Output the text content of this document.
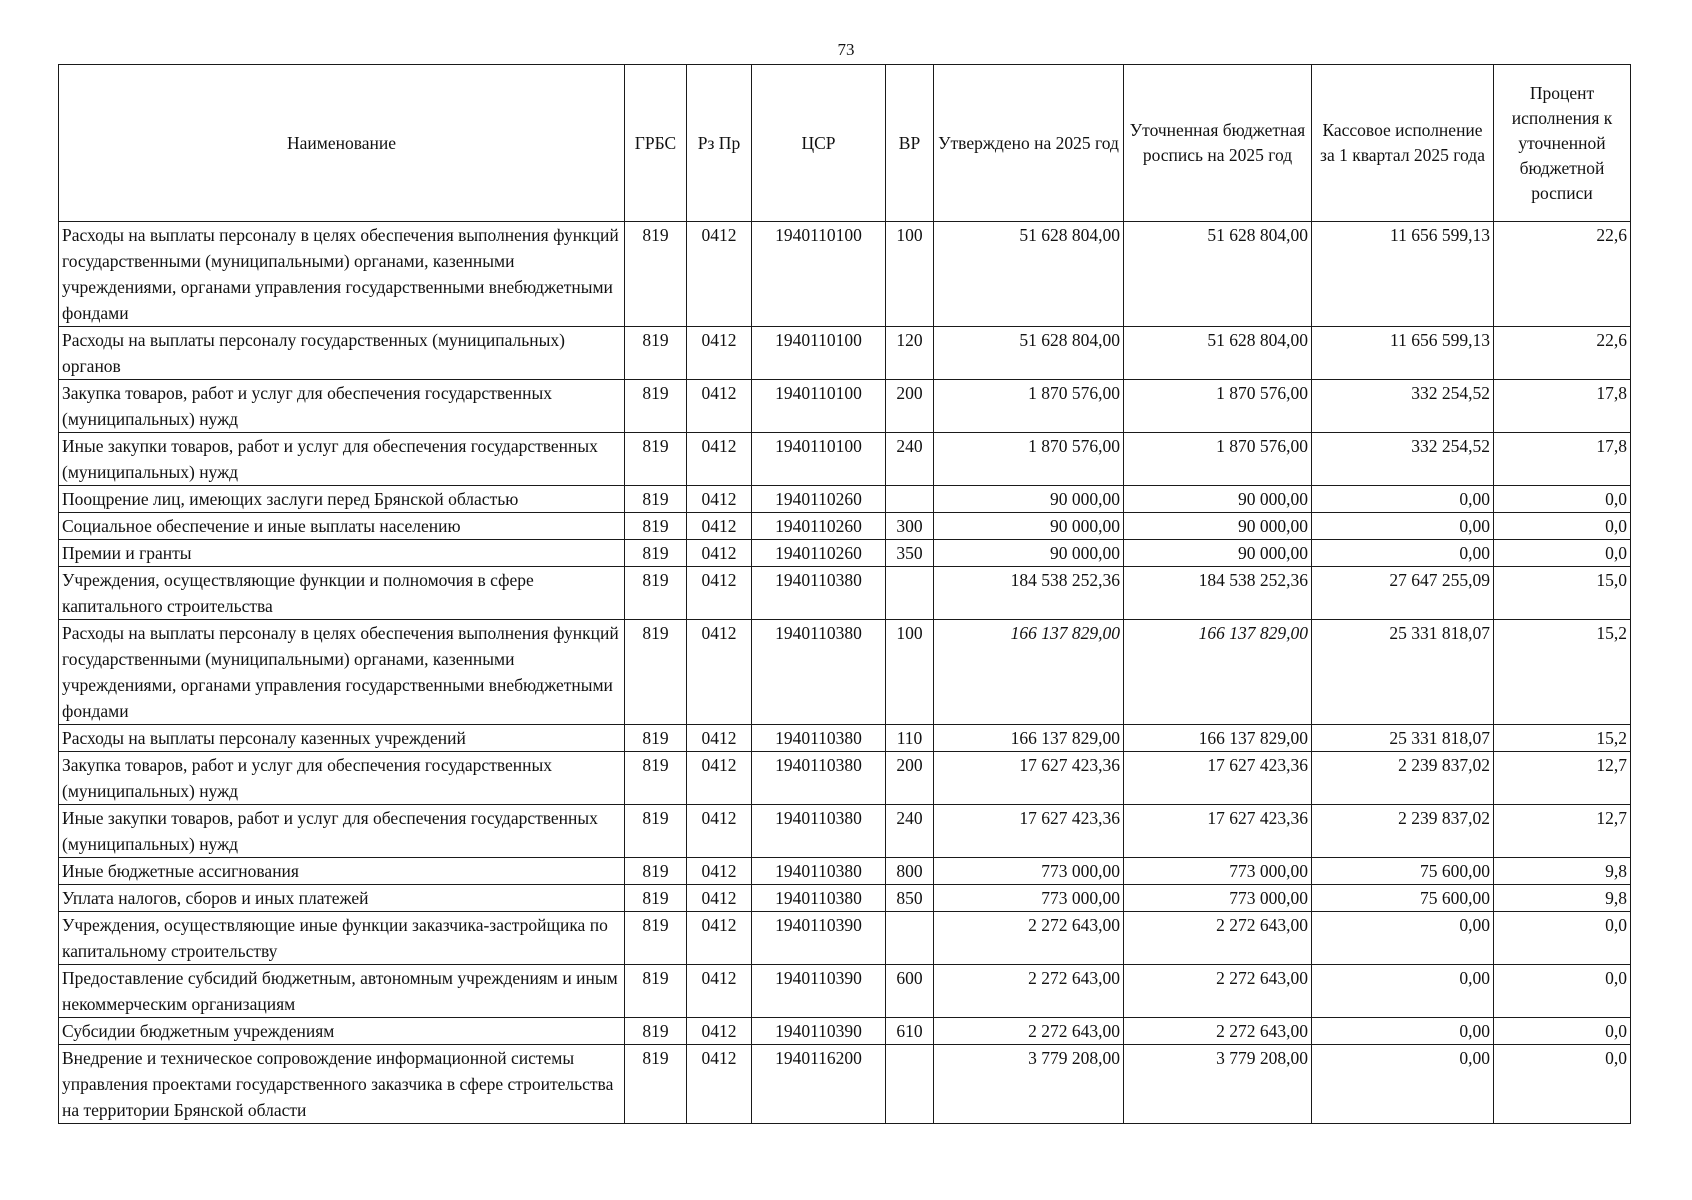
73
Наименование	ГРБС	Рз Пр	ЦСР	ВР	Утверждено на 2025 год	Уточненная бюджетная роспись на 2025 год	Кассовое исполнение за 1 квартал 2025 года	Процент исполнения к уточненной бюджетной росписи
Расходы на выплаты персоналу в целях обеспечения выполнения функций государственными (муниципальными) органами, казенными учреждениями, органами управления государственными внебюджетными фондами	819	0412	1940110100	100	51 628 804,00	51 628 804,00	11 656 599,13	22,6
Расходы на выплаты персоналу государственных (муниципальных) органов	819	0412	1940110100	120	51 628 804,00	51 628 804,00	11 656 599,13	22,6
Закупка товаров, работ и услуг для обеспечения государственных (муниципальных) нужд	819	0412	1940110100	200	1 870 576,00	1 870 576,00	332 254,52	17,8
Иные закупки товаров, работ и услуг для обеспечения государственных (муниципальных) нужд	819	0412	1940110100	240	1 870 576,00	1 870 576,00	332 254,52	17,8
Поощрение лиц, имеющих заслуги перед Брянской областью	819	0412	1940110260		90 000,00	90 000,00	0,00	0,0
Социальное обеспечение и иные выплаты населению	819	0412	1940110260	300	90 000,00	90 000,00	0,00	0,0
Премии и гранты	819	0412	1940110260	350	90 000,00	90 000,00	0,00	0,0
Учреждения, осуществляющие функции и полномочия в сфере капитального строительства	819	0412	1940110380		184 538 252,36	184 538 252,36	27 647 255,09	15,0
Расходы на выплаты персоналу в целях обеспечения выполнения функций государственными (муниципальными) органами, казенными учреждениями, органами управления государственными внебюджетными фондами	819	0412	1940110380	100	166 137 829,00	166 137 829,00	25 331 818,07	15,2
Расходы на выплаты персоналу казенных учреждений	819	0412	1940110380	110	166 137 829,00	166 137 829,00	25 331 818,07	15,2
Закупка товаров, работ и услуг для обеспечения государственных (муниципальных) нужд	819	0412	1940110380	200	17 627 423,36	17 627 423,36	2 239 837,02	12,7
Иные закупки товаров, работ и услуг для обеспечения государственных (муниципальных) нужд	819	0412	1940110380	240	17 627 423,36	17 627 423,36	2 239 837,02	12,7
Иные бюджетные ассигнования	819	0412	1940110380	800	773 000,00	773 000,00	75 600,00	9,8
Уплата налогов, сборов и иных платежей	819	0412	1940110380	850	773 000,00	773 000,00	75 600,00	9,8
Учреждения, осуществляющие иные функции заказчика-застройщика по капитальному строительству	819	0412	1940110390		2 272 643,00	2 272 643,00	0,00	0,0
Предоставление субсидий бюджетным, автономным учреждениям и иным некоммерческим организациям	819	0412	1940110390	600	2 272 643,00	2 272 643,00	0,00	0,0
Субсидии бюджетным учреждениям	819	0412	1940110390	610	2 272 643,00	2 272 643,00	0,00	0,0
Внедрение и техническое сопровождение информационной системы управления проектами государственного заказчика в сфере строительства на территории Брянской области	819	0412	1940116200		3 779 208,00	3 779 208,00	0,00	0,0
